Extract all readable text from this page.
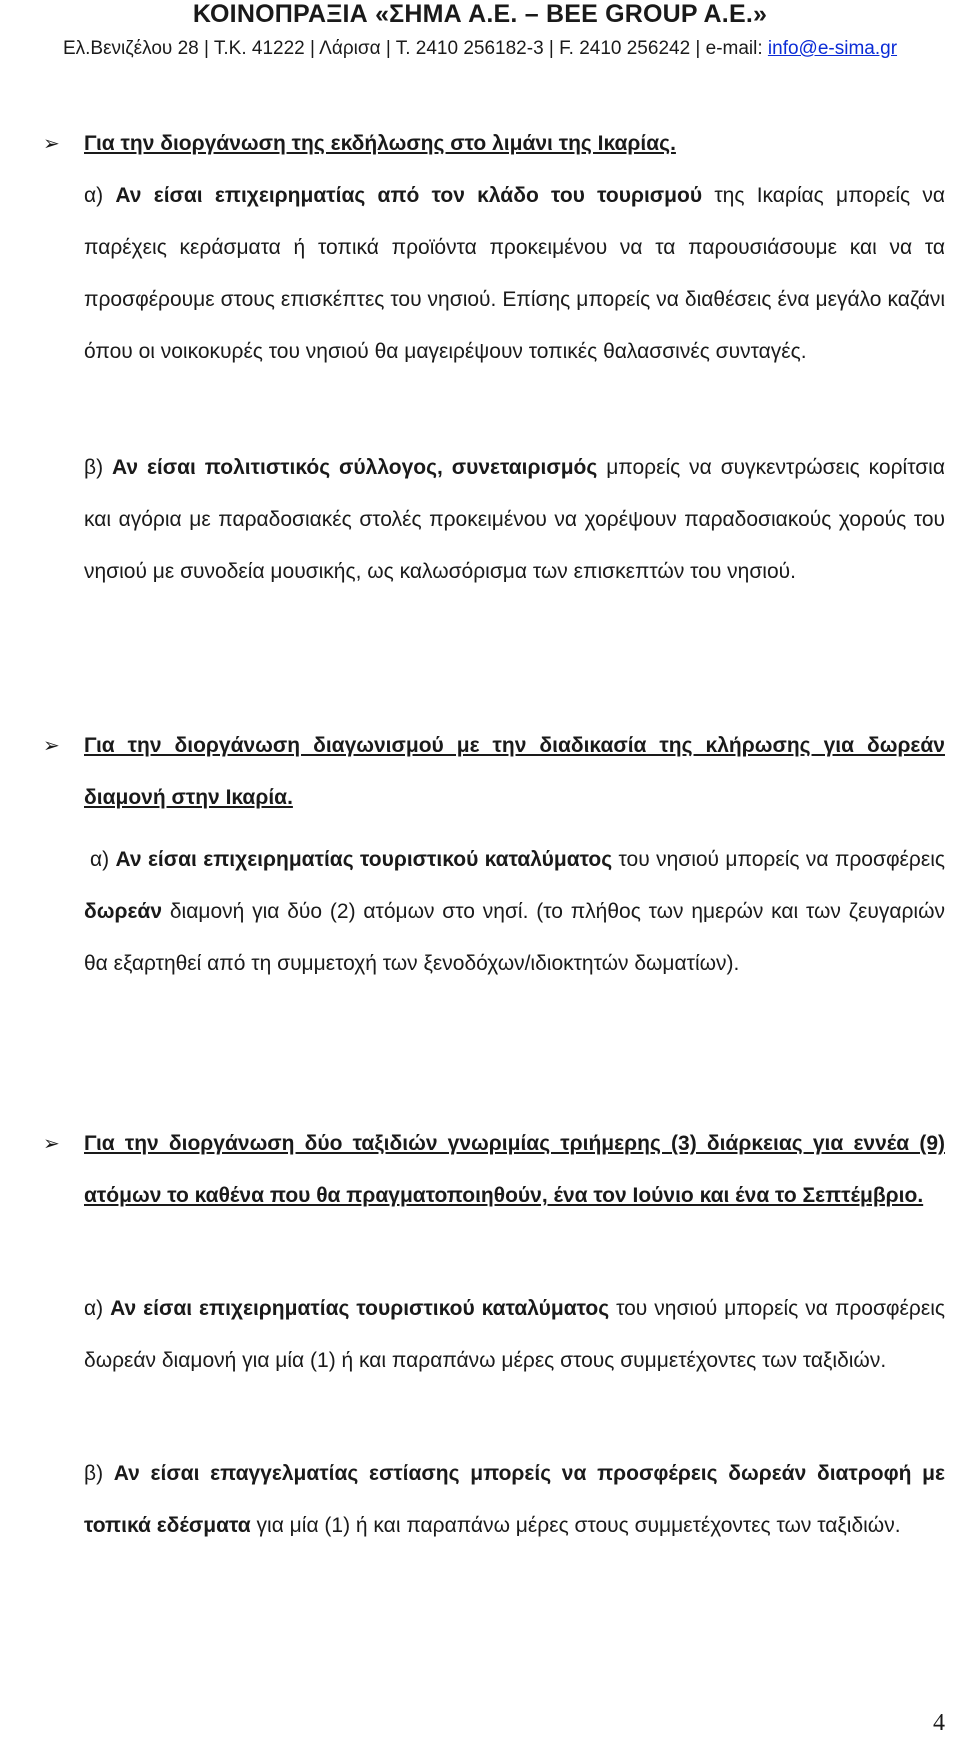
ΚΟΙΝΟΠΡΑΞΙΑ «ΣΗΜΑ Α.Ε. – BEE GROUP A.E.»
Ελ.Βενιζέλου 28 | Τ.Κ. 41222 | Λάρισα | Τ. 2410 256182-3 | F. 2410 256242 | e-mail: info@e-sima.gr
➢ Για την διοργάνωση της εκδήλωσης στο λιμάνι της Ικαρίας.
α) Αν είσαι επιχειρηματίας από τον κλάδο του τουρισμού της Ικαρίας μπορείς να παρέχεις κεράσματα ή τοπικά προϊόντα προκειμένου να τα παρουσιάσουμε και να τα προσφέρουμε στους επισκέπτες του νησιού. Επίσης μπορείς να διαθέσεις ένα μεγάλο καζάνι όπου οι νοικοκυρές του νησιού θα μαγειρέψουν τοπικές θαλασσινές συνταγές.
β) Αν είσαι πολιτιστικός σύλλογος, συνεταιρισμός μπορείς να συγκεντρώσεις κορίτσια και αγόρια με παραδοσιακές στολές προκειμένου να χορέψουν παραδοσιακούς χορούς του νησιού με συνοδεία μουσικής, ως καλωσόρισμα των επισκεπτών του νησιού.
➢ Για την διοργάνωση διαγωνισμού με την διαδικασία της κλήρωσης για δωρεάν διαμονή στην Ικαρία.
α) Αν είσαι επιχειρηματίας τουριστικού καταλύματος του νησιού μπορείς να προσφέρεις δωρεάν διαμονή για δύο (2) ατόμων στο νησί. (το πλήθος των ημερών και των ζευγαριών θα εξαρτηθεί από τη συμμετοχή των ξενοδόχων/ιδιοκτητών δωματίων).
➢ Για την διοργάνωση δύο ταξιδιών γνωριμίας τριήμερης (3) διάρκειας για εννέα (9) ατόμων το καθένα που θα πραγματοποιηθούν, ένα τον Ιούνιο και ένα το Σεπτέμβριο.
α) Αν είσαι επιχειρηματίας τουριστικού καταλύματος του νησιού μπορείς να προσφέρεις δωρεάν διαμονή για μία (1) ή και παραπάνω μέρες στους συμμετέχοντες των ταξιδιών.
β) Αν είσαι επαγγελματίας εστίασης μπορείς να προσφέρεις δωρεάν διατροφή με τοπικά εδέσματα για μία (1) ή και παραπάνω μέρες στους συμμετέχοντες των ταξιδιών.
4
